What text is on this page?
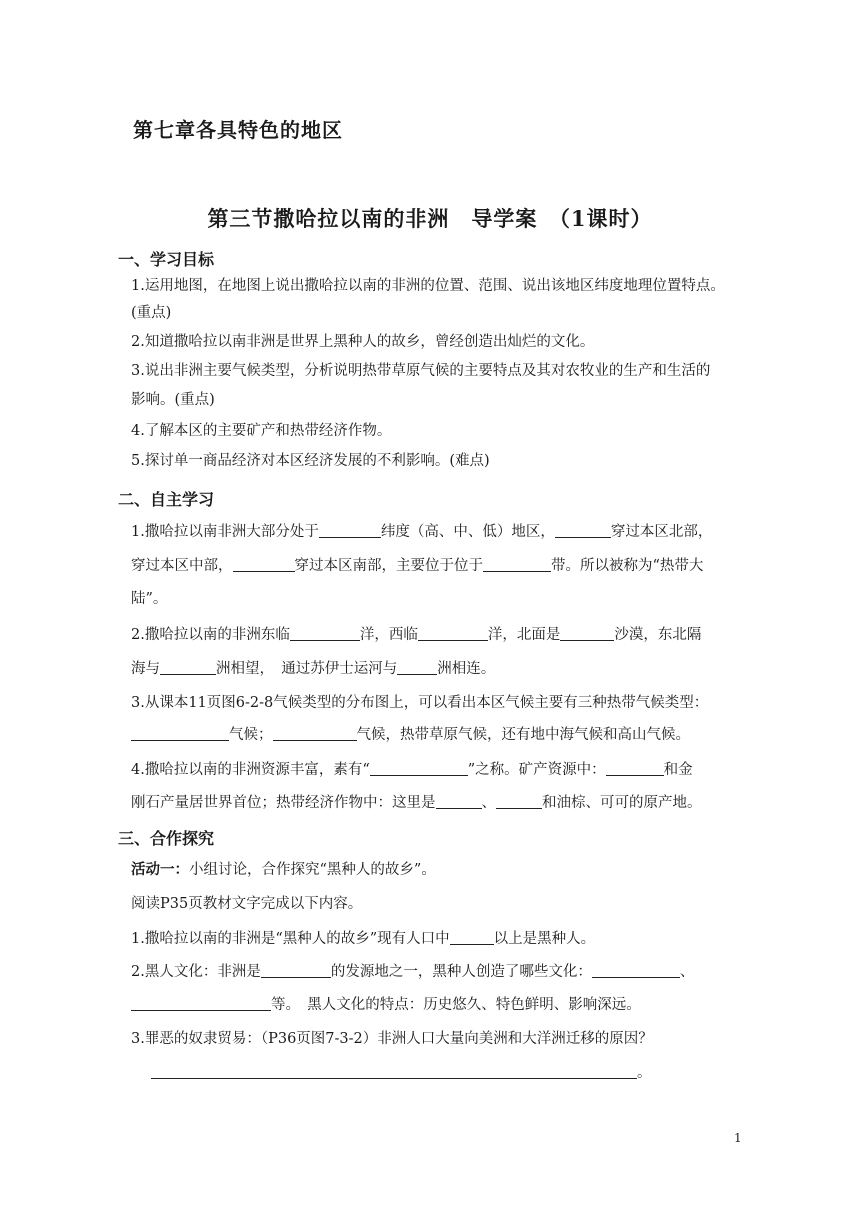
第七章各具特色的地区
第三节撒哈拉以南的非洲　导学案　（1课时）
一、学习目标
1.运用地图，在地图上说出撒哈拉以南的非洲的位置、范围、说出该地区纬度地理位置特点。
(重点)
2.知道撒哈拉以南非洲是世界上黑种人的故乡，曾经创造出灿烂的文化。
3.说出非洲主要气候类型，分析说明热带草原气候的主要特点及其对农牧业的生产和生活的
影响。(重点)
4.了解本区的主要矿产和热带经济作物。
5.探讨单一商品经济对本区经济发展的不利影响。(难点)
二、自主学习
1.撒哈拉以南非洲大部分处于	纬度（高、中、低）地区，	穿过本区北部，
穿过本区中部，	穿过本区南部，主要位于位于	带。所以被称为“热带大
陆”。
2.撒哈拉以南的非洲东临	洋，西临	洋，北面是	沙漠，东北隔
海与	洲相望，　通过苏伊士运河与	洲相连。
3.从课本11页图6-2-8气候类型的分布图上，可以看出本区气候主要有三种热带气候类型：
气候；	气候，热带草原气候，还有地中海气候和高山气候。
4.撒哈拉以南的非洲资源丰富，素有“	”之称。矿产资源中：	和金
刚石产量居世界首位；热带经济作物中：这里是	、	和油棕、可可的原产地。
三、合作探究
活动一：小组讨论，合作探究“黑种人的故乡”。
阅读P35页教材文字完成以下内容。
1.撒哈拉以南的非洲是“黑种人的故乡”现有人口中	以上是黑种人。
2.黑人文化：非洲是	的发源地之一，黑种人创造了哪些文化：	、
等。　黑人文化的特点：历史悠久、特色鲜明、影响深远。
3.罪恶的奴隶贸易：（P36页图7-3-2）非洲人口大量向美洲和大洋洲迁移的原因？
。
1
